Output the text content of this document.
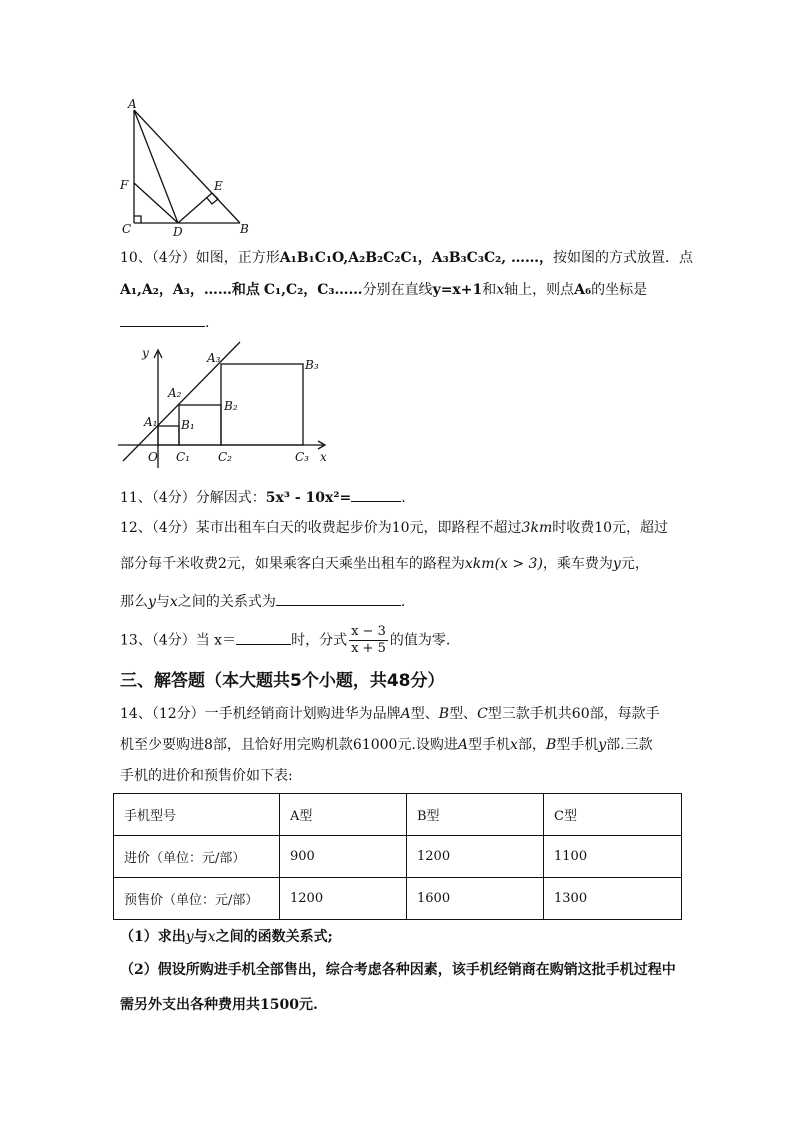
A
F
C	D
E
B
10、（4分）如图，正方形A₁B₁C₁O,A₂B₂C₂C₁，A₃B₃C₃C₂, ……，按如图的方式放置．点
A₁,A₂，A₃，……和点 C₁,C₂，C₃……分别在直线y=x+1和x轴上，则点A₆的坐标是
.
y	A₃	B₃
A₂
B₂
A₁ B₁
O C₁ C₂	C₃ x
11、（4分）分解因式：5x³ - 10x²=	.
12、（4分）某市出租车白天的收费起步价为10元，即路程不超过3km时收费10元，超过
部分每千米收费2元，如果乘客白天乘坐出租车的路程为xkm(x > 3)，乘车费为y元，
那么y与x之间的关系式为	.
13、（4分）当 x＝	时，分式 $\frac{x - 3}{x + 5}$ 的值为零.
三、解答题（本大题共5个小题，共48分）
14、（12分）一手机经销商计划购进华为品牌A型、B型、C型三款手机共60部，每款手
机至少要购进8部，且恰好用完购机款61000元.设购进A型手机x部，B型手机y部.三款
手机的进价和预售价如下表:
手机型号	A型	B型	C型
进价（单位：元/部）	900	1200	1100
预售价（单位：元/部）	1200	1600	1300
（1）求出y与x之间的函数关系式;
（2）假设所购进手机全部售出，综合考虑各种因素，该手机经销商在购销这批手机过程中
需另外支出各种费用共1500元.
